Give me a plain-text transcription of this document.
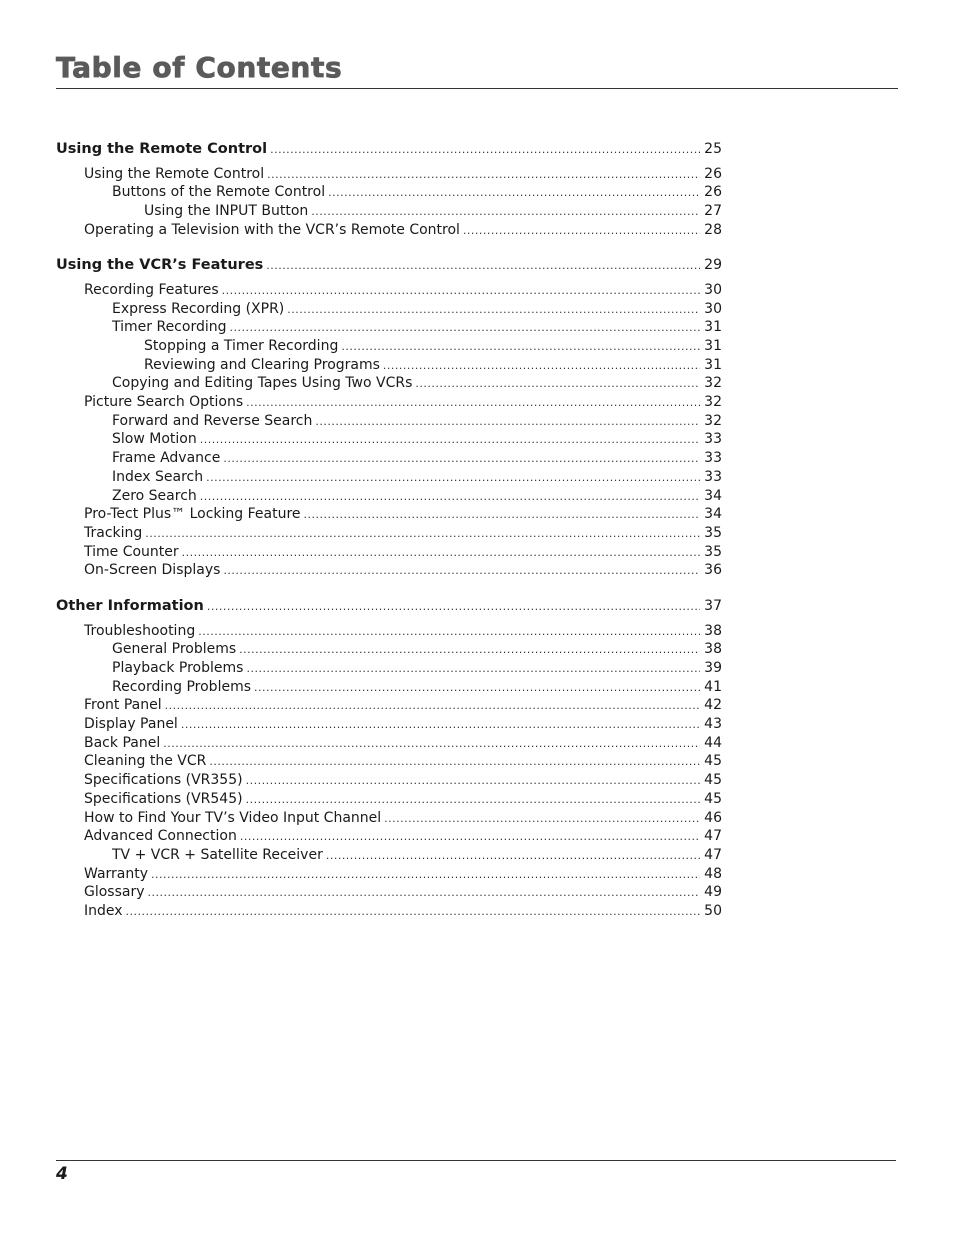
Table of Contents
Using the Remote Control .....	25
Using the Remote Control .....	26
Buttons of the Remote Control .....	26
Using the INPUT Button .....	27
Operating a Television with the VCR’s Remote Control .....	28
Using the VCR’s Features .....	29
Recording Features .....	30
Express Recording (XPR) .....	30
Timer Recording .....	31
Stopping a Timer Recording .....	31
Reviewing and Clearing Programs .....	31
Copying and Editing Tapes Using Two VCRs .....	32
Picture Search Options .....	32
Forward and Reverse Search .....	32
Slow Motion .....	33
Frame Advance .....	33
Index Search .....	33
Zero Search .....	34
Pro-Tect Plus™ Locking Feature .....	34
Tracking .....	35
Time Counter .....	35
On-Screen Displays .....	36
Other Information .....	37
Troubleshooting .....	38
General Problems .....	38
Playback Problems .....	39
Recording Problems .....	41
Front Panel .....	42
Display Panel .....	43
Back Panel .....	44
Cleaning the VCR .....	45
Specifications (VR355) .....	45
Specifications (VR545) .....	45
How to Find Your TV’s Video Input Channel .....	46
Advanced Connection .....	47
TV + VCR + Satellite Receiver .....	47
Warranty .....	48
Glossary .....	49
Index .....	50
4
